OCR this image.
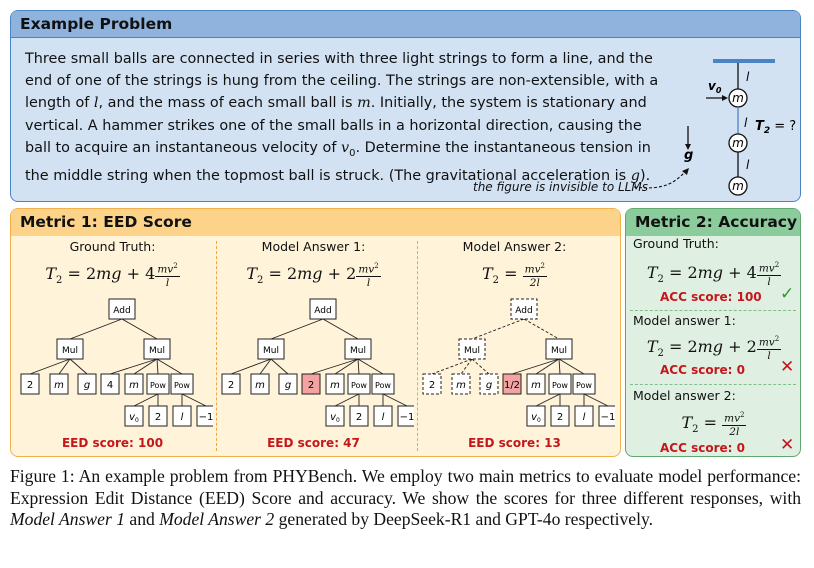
Example Problem
Three small balls are connected in series with three light strings to form a line, and the end of one of the strings is hung from the ceiling. The strings are non-extensible, with a length of l, and the mass of each small ball is m. Initially, the system is stationary and vertical. A hammer strikes one of the small balls in a horizontal direction, causing the ball to acquire an instantaneous velocity of $v_0$. Determine the instantaneous tension in the middle string when the topmost ball is struck. (The gravitational acceleration is g).
m
m
m
l
l
l
$v_0$
$T_2$ = ?
g
the figure is invisible to LLMs
Metric 1: EED Score	Metric 2: Accuracy
Ground Truth:
$T_2 = 2mg + 4 \frac{mv^2}{l}$
Add
Mul	Mul
2 m g 4 m Pow Pow
$v_0$ 2 l −1
EED score: 100
Model Answer 1:
$T_2 = 2mg + 2 \frac{mv^2}{l}$
Add
Mul	Mul
2 m g 2 m Pow Pow
$v_0$ 2 l −1
EED score: 47
Model Answer 2:
$T_2 = \frac{mv^2}{2l}$
Add
Mul	Mul
2 m g 1/2 m Pow Pow
$v_0$ 2 l −1
EED score: 13
Ground Truth:
$T_2 = 2mg + 4 \frac{mv^2}{l}$
ACC score: 100 ✓
Model answer 1:
$T_2 = 2mg + 2 \frac{mv^2}{l}$
ACC score: 0 ✕
Model answer 2:
$T_2 = \frac{mv^2}{2l}$
ACC score: 0 ✕
Figure 1: An example problem from PHYBench. We employ two main metrics to evaluate model performance: Expression Edit Distance (EED) Score and accuracy. We show the scores for three different responses, with Model Answer 1 and Model Answer 2 generated by DeepSeek-R1 and GPT-4o respectively.
